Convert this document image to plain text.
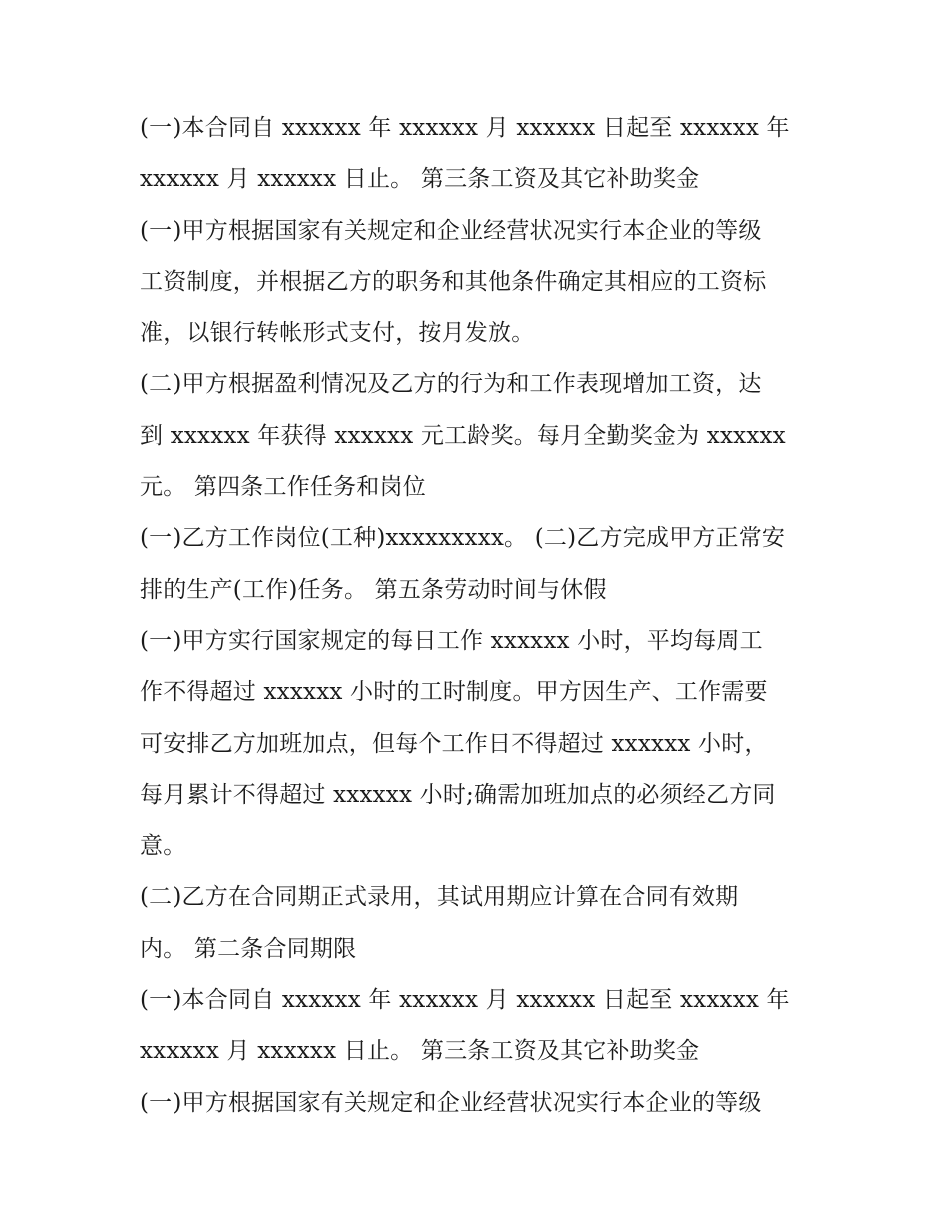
(一)本合同自 xxxxxx 年 xxxxxx 月 xxxxxx 日起至 xxxxxx 年
xxxxxx 月 xxxxxx 日止。 第三条工资及其它补助奖金
(一)甲方根据国家有关规定和企业经营状况实行本企业的等级
工资制度，并根据乙方的职务和其他条件确定其相应的工资标
准，以银行转帐形式支付，按月发放。
(二)甲方根据盈利情况及乙方的行为和工作表现增加工资，达
到 xxxxxx 年获得 xxxxxx 元工龄奖。每月全勤奖金为 xxxxxx
元。 第四条工作任务和岗位
(一)乙方工作岗位(工种)xxxxxxxxx。 (二)乙方完成甲方正常安
排的生产(工作)任务。 第五条劳动时间与休假
(一)甲方实行国家规定的每日工作 xxxxxx 小时，平均每周工
作不得超过 xxxxxx 小时的工时制度。甲方因生产、工作需要
可安排乙方加班加点，但每个工作日不得超过 xxxxxx 小时，
每月累计不得超过 xxxxxx 小时;确需加班加点的必须经乙方同
意。
(二)乙方在合同期正式录用，其试用期应计算在合同有效期
内。 第二条合同期限
(一)本合同自 xxxxxx 年 xxxxxx 月 xxxxxx 日起至 xxxxxx 年
xxxxxx 月 xxxxxx 日止。 第三条工资及其它补助奖金
(一)甲方根据国家有关规定和企业经营状况实行本企业的等级
